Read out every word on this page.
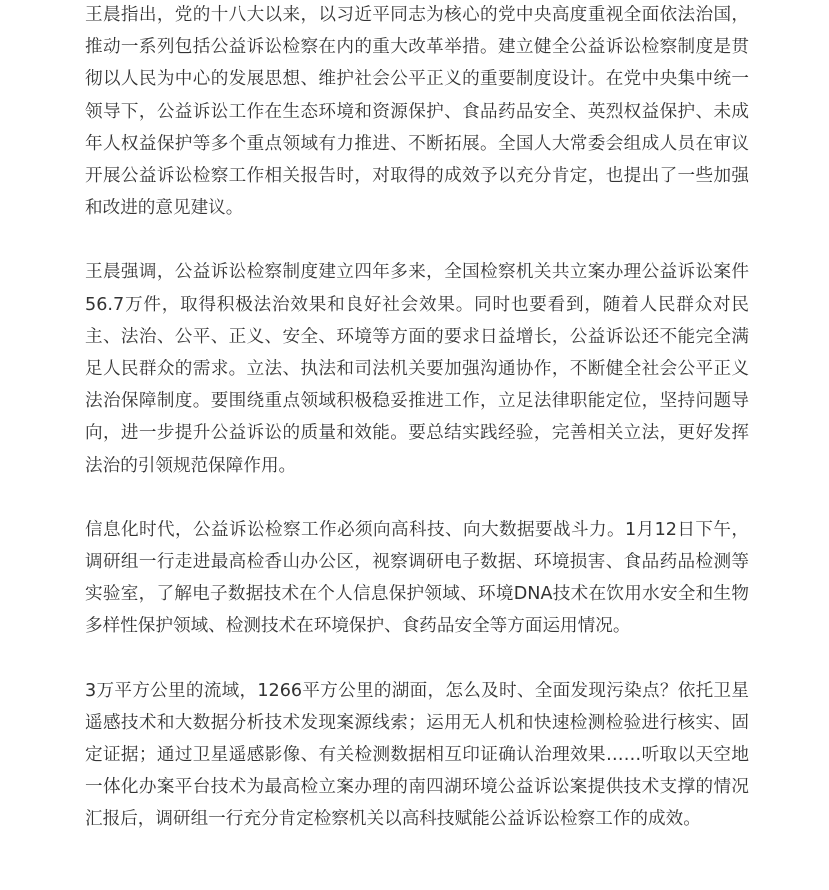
王晨指出，党的十八大以来，以习近平同志为核心的党中央高度重视全面依法治国，推动一系列包括公益诉讼检察在内的重大改革举措。建立健全公益诉讼检察制度是贯彻以人民为中心的发展思想、维护社会公平正义的重要制度设计。在党中央集中统一领导下，公益诉讼工作在生态环境和资源保护、食品药品安全、英烈权益保护、未成年人权益保护等多个重点领域有力推进、不断拓展。全国人大常委会组成人员在审议开展公益诉讼检察工作相关报告时，对取得的成效予以充分肯定，也提出了一些加强和改进的意见建议。

王晨强调，公益诉讼检察制度建立四年多来，全国检察机关共立案办理公益诉讼案件56.7万件，取得积极法治效果和良好社会效果。同时也要看到，随着人民群众对民主、法治、公平、正义、安全、环境等方面的要求日益增长，公益诉讼还不能完全满足人民群众的需求。立法、执法和司法机关要加强沟通协作，不断健全社会公平正义法治保障制度。要围绕重点领域积极稳妥推进工作，立足法律职能定位，坚持问题导向，进一步提升公益诉讼的质量和效能。要总结实践经验，完善相关立法，更好发挥法治的引领规范保障作用。

信息化时代，公益诉讼检察工作必须向高科技、向大数据要战斗力。1月12日下午，调研组一行走进最高检香山办公区，视察调研电子数据、环境损害、食品药品检测等实验室，了解电子数据技术在个人信息保护领域、环境DNA技术在饮用水安全和生物多样性保护领域、检测技术在环境保护、食药品安全等方面运用情况。

3万平方公里的流域，1266平方公里的湖面，怎么及时、全面发现污染点？依托卫星遥感技术和大数据分析技术发现案源线索；运用无人机和快速检测检验进行核实、固定证据；通过卫星遥感影像、有关检测数据相互印证确认治理效果……听取以天空地一体化办案平台技术为最高检立案办理的南四湖环境公益诉讼案提供技术支撑的情况汇报后，调研组一行充分肯定检察机关以高科技赋能公益诉讼检察工作的成效。
